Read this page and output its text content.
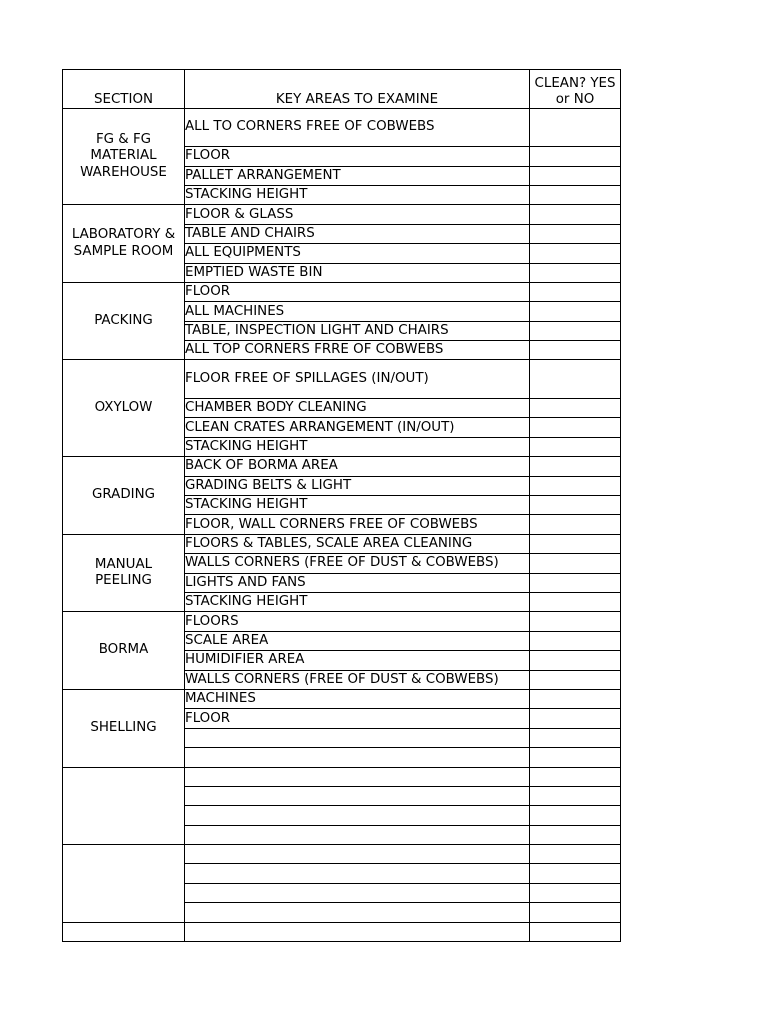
SECTION	KEY AREAS TO EXAMINE	CLEAN? YES
or NO
FG & FG
MATERIAL
WAREHOUSE	ALL TO CORNERS FREE OF COBWEBS	
	FLOOR	
	PALLET ARRANGEMENT	
	STACKING HEIGHT	
LABORATORY &
SAMPLE ROOM	FLOOR & GLASS	
	TABLE AND CHAIRS	
	ALL EQUIPMENTS	
	EMPTIED WASTE BIN	
PACKING	FLOOR	
	ALL MACHINES	
	TABLE, INSPECTION LIGHT AND CHAIRS	
	ALL TOP CORNERS FRRE OF COBWEBS	
OXYLOW	FLOOR FREE OF SPILLAGES (IN/OUT)	
	CHAMBER BODY CLEANING	
	CLEAN CRATES ARRANGEMENT (IN/OUT)	
	STACKING HEIGHT	
GRADING	BACK OF BORMA AREA	
	GRADING BELTS & LIGHT	
	STACKING HEIGHT	
	FLOOR, WALL CORNERS FREE OF COBWEBS	
MANUAL
PEELING	FLOORS & TABLES, SCALE AREA CLEANING	
	WALLS CORNERS (FREE OF DUST & COBWEBS)	
	LIGHTS AND FANS	
	STACKING HEIGHT	
BORMA	FLOORS	
	SCALE AREA	
	HUMIDIFIER AREA	
	WALLS CORNERS (FREE OF DUST & COBWEBS)	
SHELLING	MACHINES	
	FLOOR	
